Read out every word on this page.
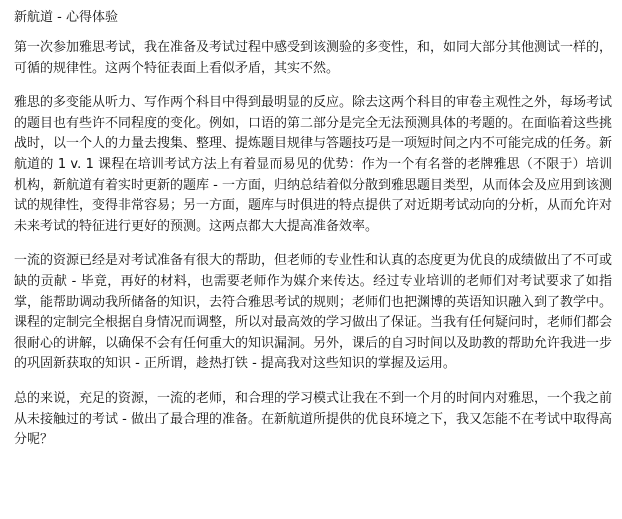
新航道 - 心得体验

第一次参加雅思考试，我在准备及考试过程中感受到该测验的多变性，和，如同大部分其他测试一样的，可循的规律性。这两个特征表面上看似矛盾，其实不然。

雅思的多变能从听力、写作两个科目中得到最明显的反应。除去这两个科目的审卷主观性之外，每场考试的题目也有些许不同程度的变化。例如，口语的第二部分是完全无法预测具体的考题的。在面临着这些挑战时，以一个人的力量去搜集、整理、提炼题目规律与答题技巧是一项短时间之内不可能完成的任务。新航道的 1 v. 1 课程在培训考试方法上有着显而易见的优势：作为一个有名誉的老牌雅思（不限于）培训机构，新航道有着实时更新的题库 - 一方面，归纳总结着似分散到雅思题目类型，从而体会及应用到该测试的规律性，变得非常容易；另一方面，题库与时俱进的特点提供了对近期考试动向的分析，从而允许对未来考试的特征进行更好的预测。这两点都大大提高准备效率。

一流的资源已经是对考试准备有很大的帮助，但老师的专业性和认真的态度更为优良的成绩做出了不可或缺的贡献 - 毕竟，再好的材料，也需要老师作为媒介来传达。经过专业培训的老师们对考试要求了如指掌，能帮助调动我所储备的知识，去符合雅思考试的规则；老师们也把渊博的英语知识融入到了教学中。课程的定制完全根据自身情况而调整，所以对最高效的学习做出了保证。当我有任何疑问时，老师们都会很耐心的讲解，以确保不会有任何重大的知识漏洞。另外，课后的自习时间以及助教的帮助允许我进一步的巩固新获取的知识 - 正所谓，趁热打铁 - 提高我对这些知识的掌握及运用。

总的来说，充足的资源，一流的老师，和合理的学习模式让我在不到一个月的时间内对雅思，一个我之前从未接触过的考试 - 做出了最合理的准备。在新航道所提供的优良环境之下，我又怎能不在考试中取得高分呢？
